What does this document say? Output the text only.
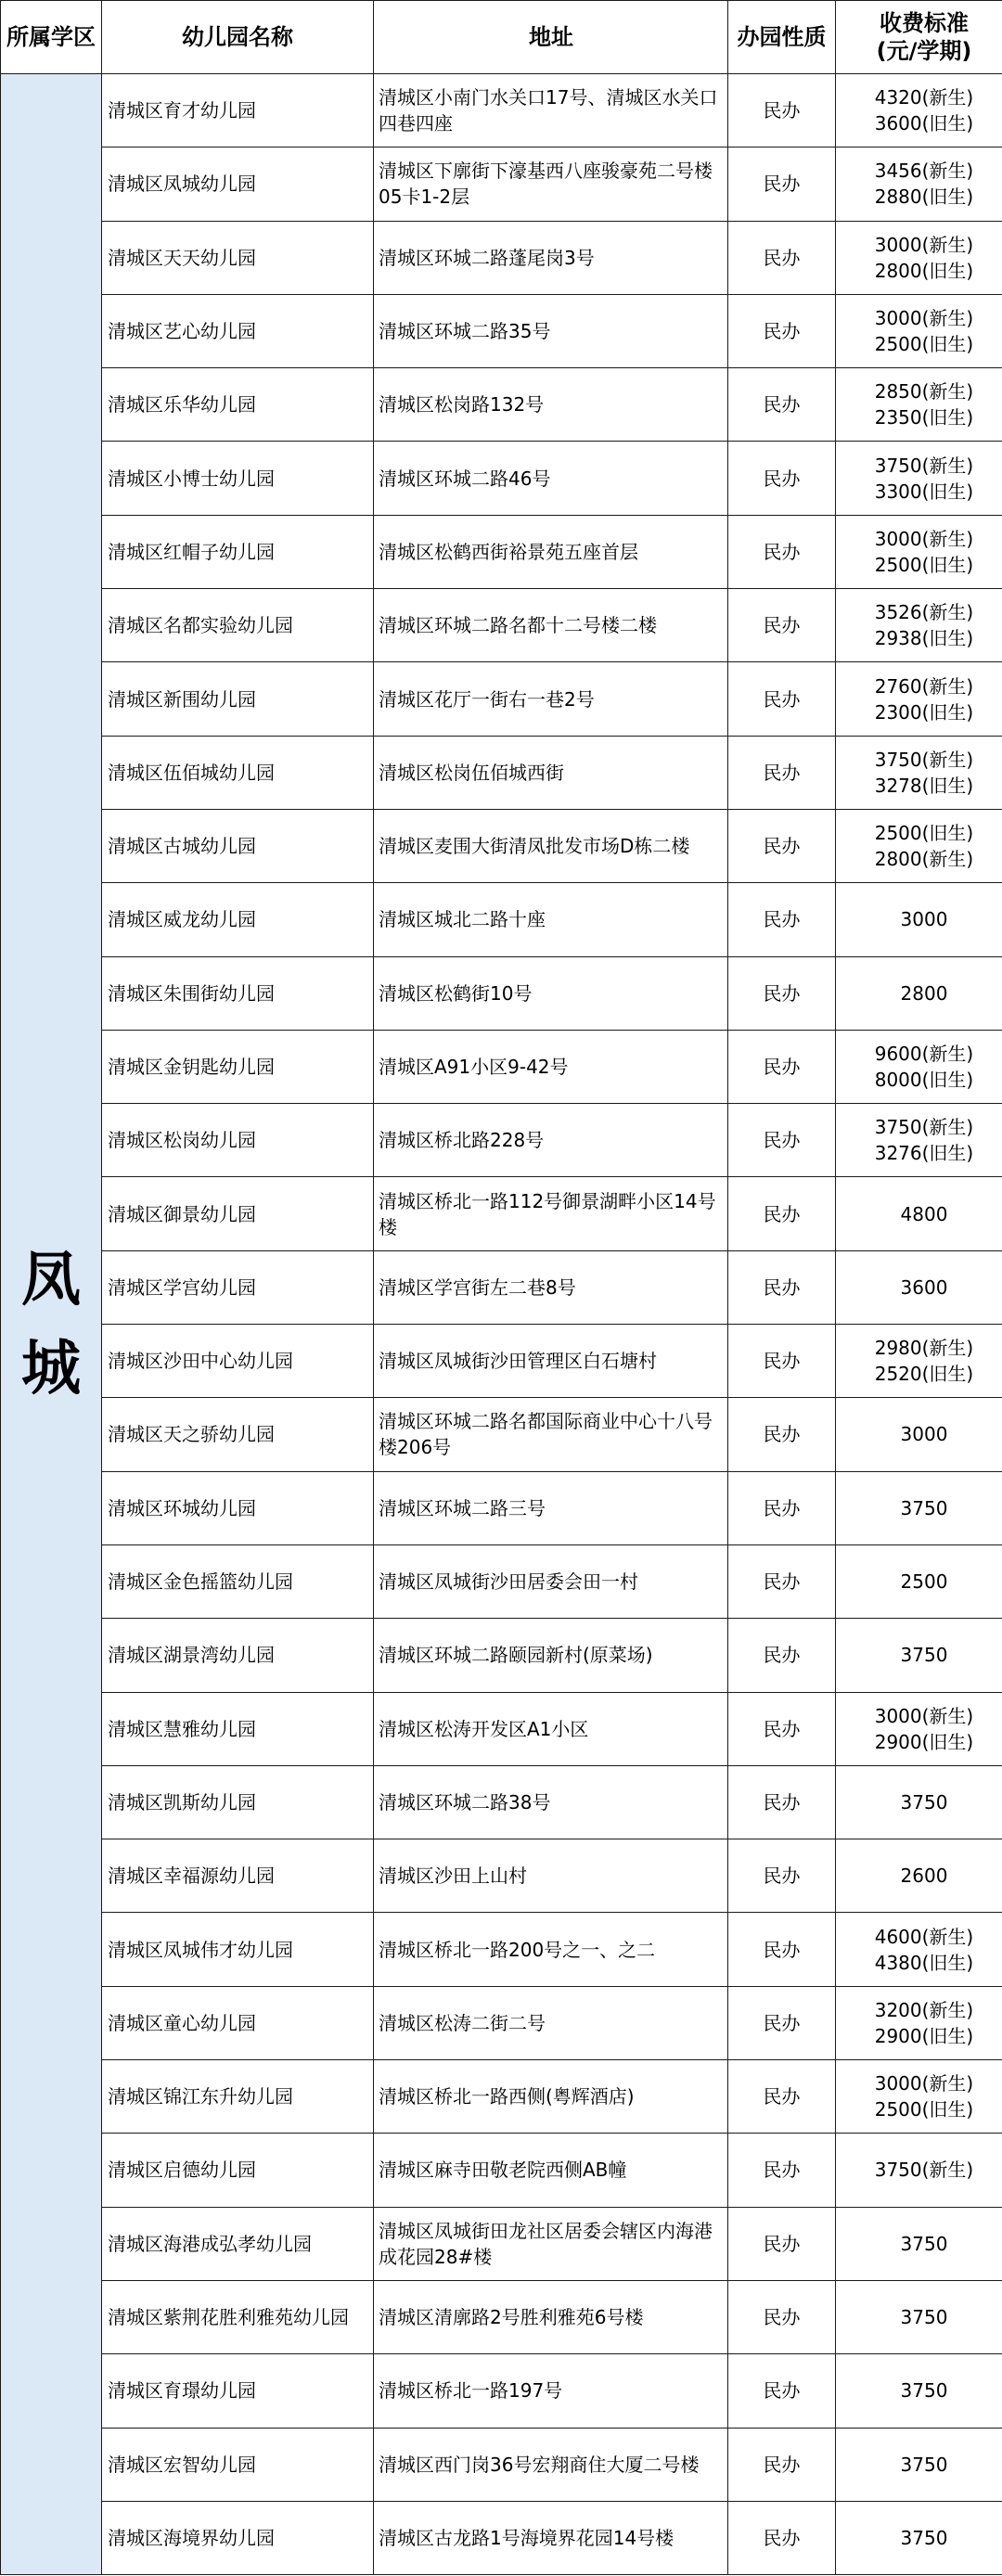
所属学区	幼儿园名称	地址	办园性质	收费标准
(元/学期)

凤
城	清城区育才幼儿园	清城区小南门水关口17号、清城区水关口四巷四座	民办	4320(新生)
3600(旧生)

	清城区凤城幼儿园	清城区下廓街下濠基西八座骏豪苑二号楼05卡1-2层	民办	3456(新生)
2880(旧生)

	清城区天天幼儿园	清城区环城二路蓬尾岗3号	民办	3000(新生)
2800(旧生)

	清城区艺心幼儿园	清城区环城二路35号	民办	3000(新生)
2500(旧生)

	清城区乐华幼儿园	清城区松岗路132号	民办	2850(新生)
2350(旧生)

	清城区小博士幼儿园	清城区环城二路46号	民办	3750(新生)
3300(旧生)

	清城区红帽子幼儿园	清城区松鹤西街裕景苑五座首层	民办	3000(新生)
2500(旧生)

	清城区名都实验幼儿园	清城区环城二路名都十二号楼二楼	民办	3526(新生)
2938(旧生)

	清城区新围幼儿园	清城区花厅一街右一巷2号	民办	2760(新生)
2300(旧生)

	清城区伍佰城幼儿园	清城区松岗伍佰城西街	民办	3750(新生)
3278(旧生)

	清城区古城幼儿园	清城区麦围大街清凤批发市场D栋二楼	民办	2500(旧生)
2800(新生)

	清城区威龙幼儿园	清城区城北二路十座	民办	3000

	清城区朱围街幼儿园	清城区松鹤街10号	民办	2800

	清城区金钥匙幼儿园	清城区A91小区9-42号	民办	9600(新生)
8000(旧生)

	清城区松岗幼儿园	清城区桥北路228号	民办	3750(新生)
3276(旧生)

	清城区御景幼儿园	清城区桥北一路112号御景湖畔小区14号楼	民办	4800

	清城区学宫幼儿园	清城区学宫街左二巷8号	民办	3600

	清城区沙田中心幼儿园	清城区凤城街沙田管理区白石塘村	民办	2980(新生)
2520(旧生)

	清城区天之骄幼儿园	清城区环城二路名都国际商业中心十八号楼206号	民办	3000

	清城区环城幼儿园	清城区环城二路三号	民办	3750

	清城区金色摇篮幼儿园	清城区凤城街沙田居委会田一村	民办	2500

	清城区湖景湾幼儿园	清城区环城二路颐园新村(原菜场)	民办	3750

	清城区慧雅幼儿园	清城区松涛开发区A1小区	民办	3000(新生)
2900(旧生)

	清城区凯斯幼儿园	清城区环城二路38号	民办	3750

	清城区幸福源幼儿园	清城区沙田上山村	民办	2600

	清城区凤城伟才幼儿园	清城区桥北一路200号之一、之二	民办	4600(新生)
4380(旧生)

	清城区童心幼儿园	清城区松涛二街二号	民办	3200(新生)
2900(旧生)

	清城区锦江东升幼儿园	清城区桥北一路西侧(粤辉酒店)	民办	3000(新生)
2500(旧生)

	清城区启德幼儿园	清城区麻寺田敬老院西侧AB幢	民办	3750(新生)

	清城区海港成弘孝幼儿园	清城区凤城街田龙社区居委会辖区内海港成花园28#楼	民办	3750

	清城区紫荆花胜利雅苑幼儿园	清城区清廓路2号胜利雅苑6号楼	民办	3750

	清城区育璟幼儿园	清城区桥北一路197号	民办	3750

	清城区宏智幼儿园	清城区西门岗36号宏翔商住大厦二号楼	民办	3750

	清城区海境界幼儿园	清城区古龙路1号海境界花园14号楼	民办	3750
